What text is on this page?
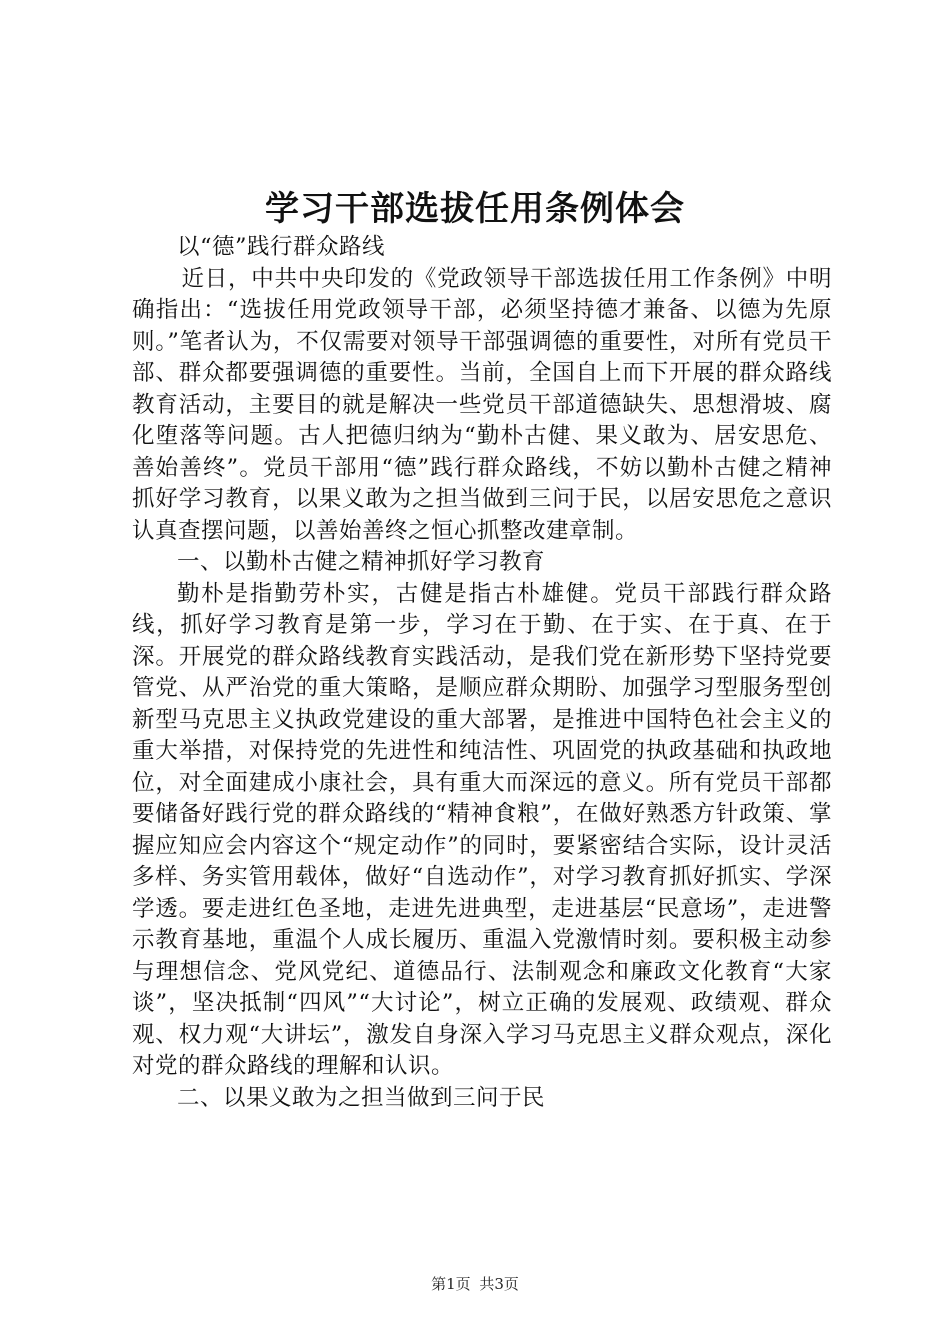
学习干部选拔任用条例体会

以“德”践行群众路线

近日，中共中央印发的《党政领导干部选拔任用工作条例》中明确指出：“选拔任用党政领导干部，必须坚持德才兼备、以德为先原则。”笔者认为，不仅需要对领导干部强调德的重要性，对所有党员干部、群众都要强调德的重要性。当前，全国自上而下开展的群众路线教育活动，主要目的就是解决一些党员干部道德缺失、思想滑坡、腐化堕落等问题。古人把德归纳为“勤朴古健、果义敢为、居安思危、善始善终”。党员干部用“德”践行群众路线，不妨以勤朴古健之精神抓好学习教育，以果义敢为之担当做到三问于民，以居安思危之意识认真查摆问题，以善始善终之恒心抓整改建章制。

一、以勤朴古健之精神抓好学习教育

勤朴是指勤劳朴实，古健是指古朴雄健。党员干部践行群众路线，抓好学习教育是第一步，学习在于勤、在于实、在于真、在于深。开展党的群众路线教育实践活动，是我们党在新形势下坚持党要管党、从严治党的重大策略，是顺应群众期盼、加强学习型服务型创新型马克思主义执政党建设的重大部署，是推进中国特色社会主义的重大举措，对保持党的先进性和纯洁性、巩固党的执政基础和执政地位，对全面建成小康社会，具有重大而深远的意义。所有党员干部都要储备好践行党的群众路线的“精神食粮”，在做好熟悉方针政策、掌握应知应会内容这个“规定动作”的同时，要紧密结合实际，设计灵活多样、务实管用载体，做好“自选动作”，对学习教育抓好抓实、学深学透。要走进红色圣地，走进先进典型，走进基层“民意场”，走进警示教育基地，重温个人成长履历、重温入党激情时刻。要积极主动参与理想信念、党风党纪、道德品行、法制观念和廉政文化教育“大家谈”，坚决抵制“四风”“大讨论”，树立正确的发展观、政绩观、群众观、权力观“大讲坛”，激发自身深入学习马克思主义群众观点，深化对党的群众路线的理解和认识。

二、以果义敢为之担当做到三问于民

第1页 共3页
